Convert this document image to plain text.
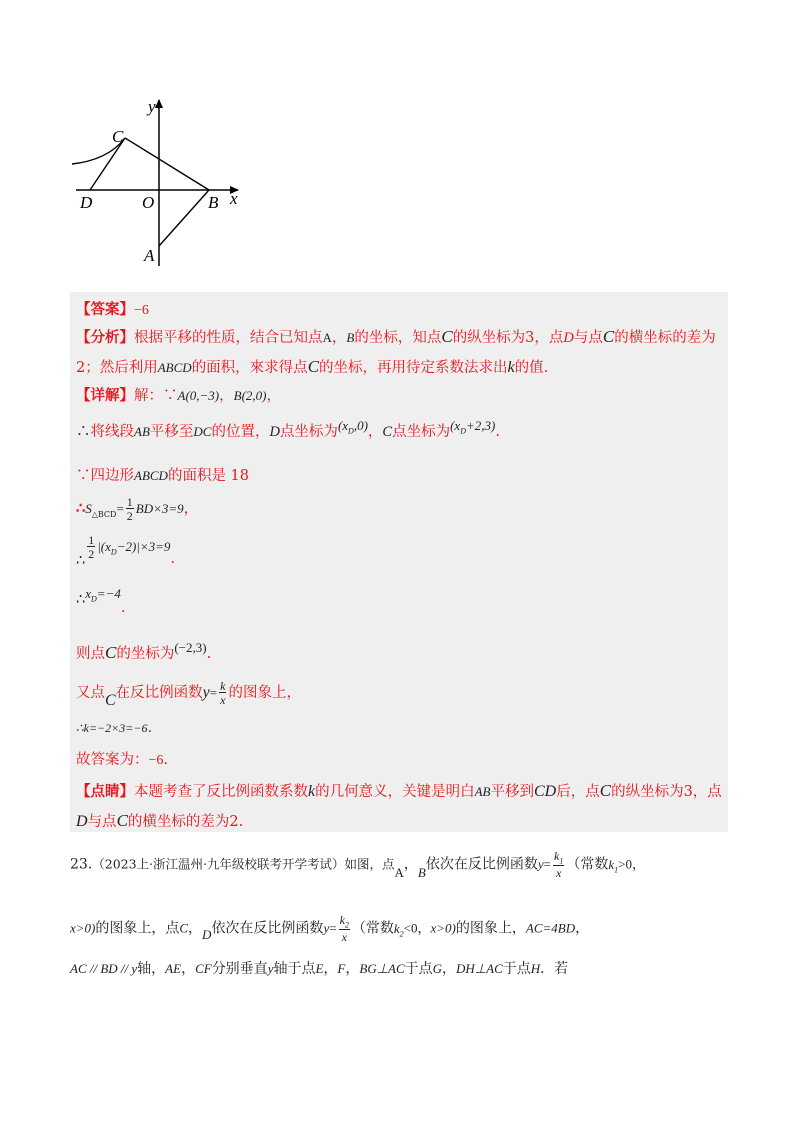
y
C
D	O	B x
A
【答案】−6
【分析】根据平移的性质，结合已知点A，B的坐标，知点C的纵坐标为3，点D与点C的横坐标的差为
2；然后利用ABCD的面积，來求得点C的坐标，再用待定系数法求出k的值.
【详解】解：∵A(0,−3)，B(2,0)，
∴将线段AB平移至DC的位置，D点坐标为$(x_D,0)$，C点坐标为$(x_D+2,3)$.
∵四边形ABCD的面积是 18
$\therefore S_{\triangle BCD}= \frac{1}{2} BD\times 3=9$，
∴
$\frac{1}{2} |(x_D-2)|\times 3=9$.
$\therefore x_D=-4$.
则点C的坐标为(−2,3).
又点C在反比例函数$y= \frac{k}{x}$ 的图象上，
∴k=−2×3=−6.
故答案为：−6.
【点睛】本题考查了反比例函数系数k的几何意义，关键是明白AB平移到CD后，点C的纵坐标为3，点
D与点C的横坐标的差为2.
23.（2023上·浙江温州·九年级校联考开学考试）如图，点A，B依次在反比例函数$y= \frac{k_1}{x}$ （常数$k_1>0$，
x>0)的图象上，点C，D依次在反比例函数$y= \frac{k_2}{x}$ （常数$k_2<0$，x>0)的图象上，AC=4BD，
AC // BD // y轴，AE，CF分别垂直y轴于点E，F，BG⊥AC于点G，DH⊥AC于点H．若
